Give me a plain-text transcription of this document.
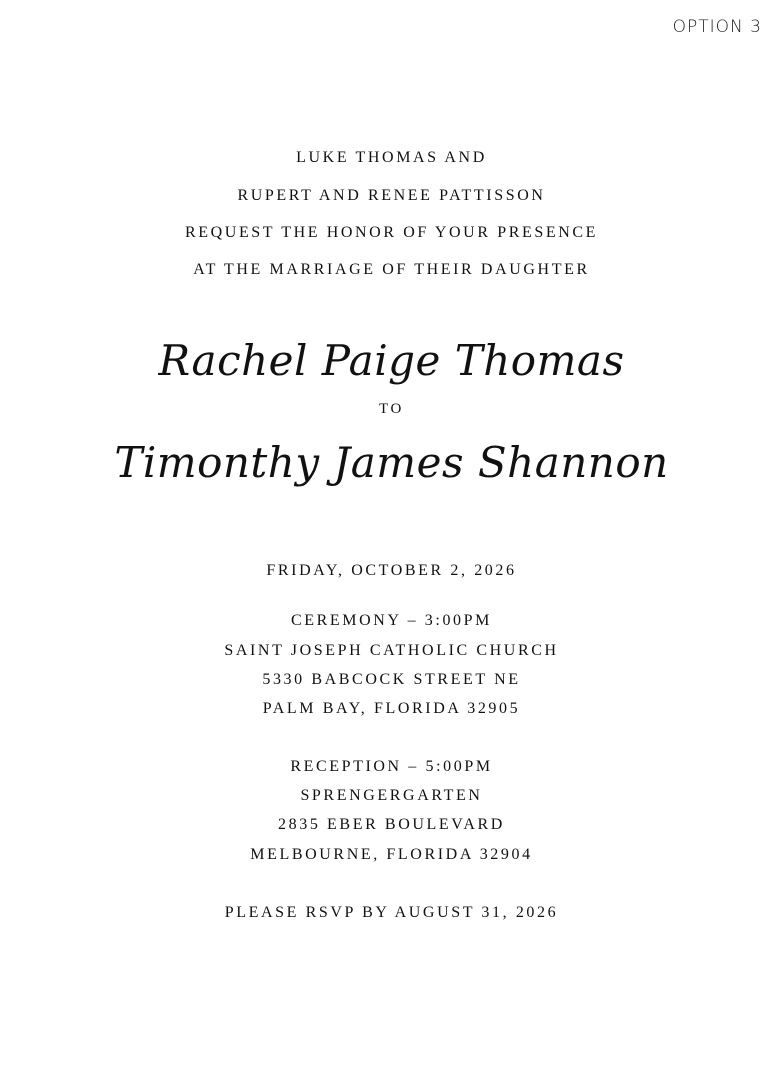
OPTION 3
LUKE THOMAS AND
RUPERT AND RENEE PATTISSON
REQUEST THE HONOR OF YOUR PRESENCE
AT THE MARRIAGE OF THEIR DAUGHTER
Rachel Paige Thomas
TO
Timonthy James Shannon
FRIDAY, OCTOBER 2, 2026
CEREMONY – 3:00PM
SAINT JOSEPH CATHOLIC CHURCH
5330 BABCOCK STREET NE
PALM BAY, FLORIDA 32905
RECEPTION – 5:00PM
SPRENGERGARTEN
2835 EBER BOULEVARD
MELBOURNE, FLORIDA 32904
PLEASE RSVP BY AUGUST 31, 2026
